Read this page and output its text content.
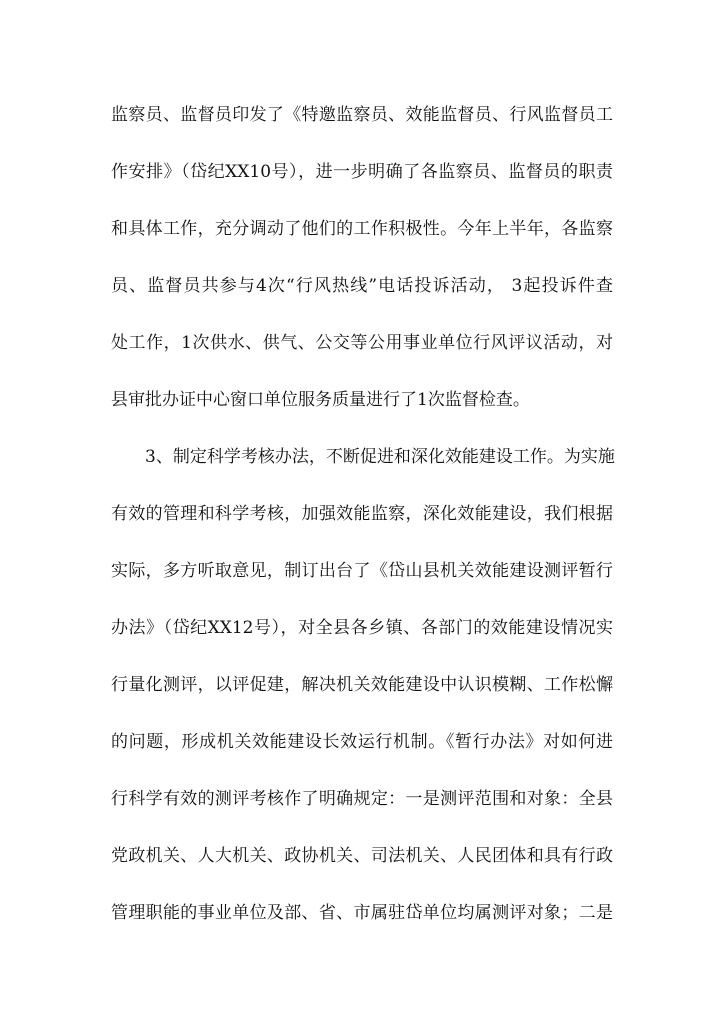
监察员、监督员印发了《特邀监察员、效能监督员、行风监督员工
作安排》（岱纪XX10号），进一步明确了各监察员、监督员的职责
和具体工作，充分调动了他们的工作积极性。今年上半年，各监察
员、监督员共参与4次“行风热线”电话投诉活动， 3起投诉件查
处工作，1次供水、供气、公交等公用事业单位行风评议活动，对
县审批办证中心窗口单位服务质量进行了1次监督检查。
3、制定科学考核办法，不断促进和深化效能建设工作。为实施
有效的管理和科学考核，加强效能监察，深化效能建设，我们根据
实际，多方听取意见，制订出台了《岱山县机关效能建设测评暂行
办法》（岱纪XX12号），对全县各乡镇、各部门的效能建设情况实
行量化测评，以评促建，解决机关效能建设中认识模糊、工作松懈
的问题，形成机关效能建设长效运行机制。《暂行办法》对如何进
行科学有效的测评考核作了明确规定：一是测评范围和对象：全县
党政机关、人大机关、政协机关、司法机关、人民团体和具有行政
管理职能的事业单位及部、省、市属驻岱单位均属测评对象；二是
